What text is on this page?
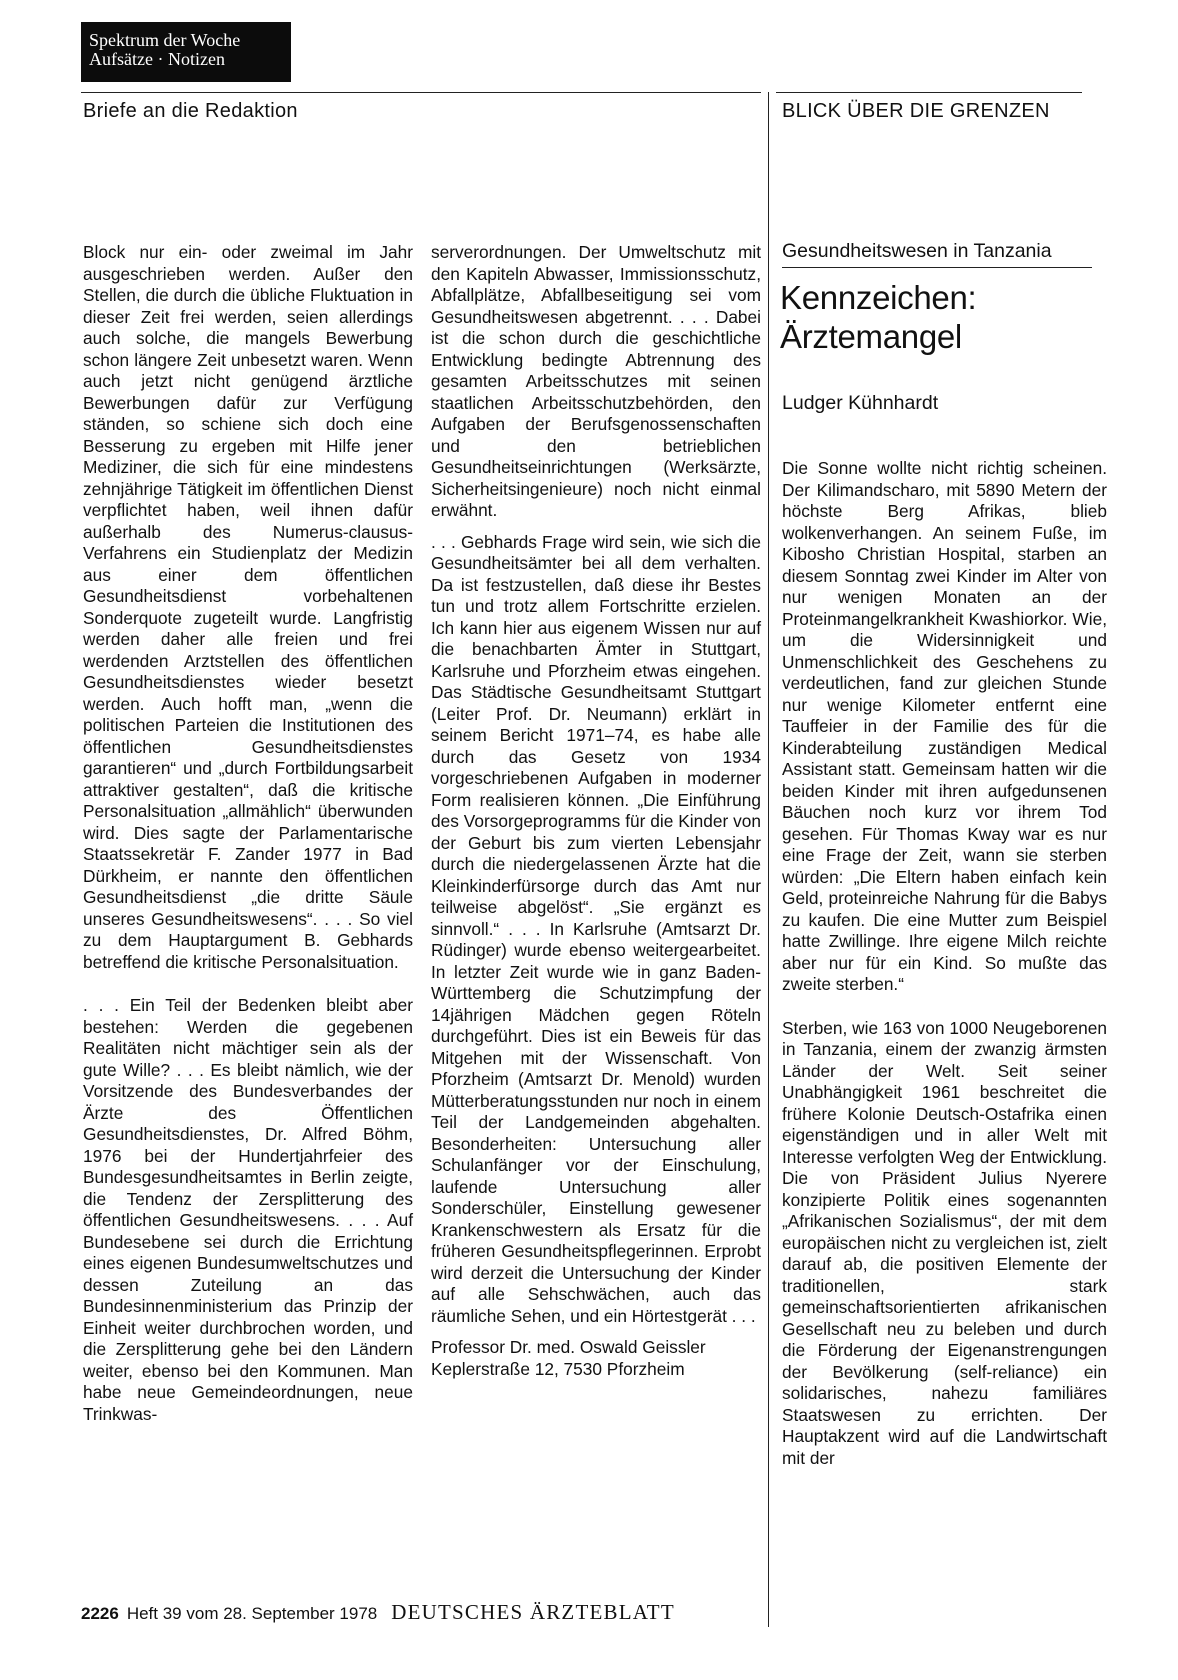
Spektrum der Woche
Aufsätze · Notizen
Briefe an die Redaktion	BLICK ÜBER DIE GRENZEN

Block nur ein- oder zweimal im Jahr ausgeschrieben werden. Außer den Stellen, die durch die übliche Fluktuation in dieser Zeit frei werden, seien allerdings auch solche, die mangels Bewerbung schon längere Zeit unbesetzt waren. Wenn auch jetzt nicht genügend ärztliche Bewerbungen dafür zur Verfügung ständen, so schiene sich doch eine Besserung zu ergeben mit Hilfe jener Mediziner, die sich für eine mindestens zehnjährige Tätigkeit im öffentlichen Dienst verpflichtet haben, weil ihnen dafür außerhalb des Numerus-clausus-Verfahrens ein Studienplatz der Medizin aus einer dem öffentlichen Gesundheitsdienst vorbehaltenen Sonderquote zugeteilt wurde. Langfristig werden daher alle freien und frei werdenden Arztstellen des öffentlichen Gesundheitsdienstes wieder besetzt werden. Auch hofft man, „wenn die politischen Parteien die Institutionen des öffentlichen Gesundheitsdienstes garantieren“ und „durch Fortbildungsarbeit attraktiver gestalten“, daß die kritische Personalsituation „allmählich“ überwunden wird. Dies sagte der Parlamentarische Staatssekretär F. Zander 1977 in Bad Dürkheim, er nannte den öffentlichen Gesundheitsdienst „die dritte Säule unseres Gesundheitswesens“. . . . So viel zu dem Hauptargument B. Gebhards betreffend die kritische Personalsituation.

. . . Ein Teil der Bedenken bleibt aber bestehen: Werden die gegebenen Realitäten nicht mächtiger sein als der gute Wille? . . . Es bleibt nämlich, wie der Vorsitzende des Bundesverbandes der Ärzte des Öffentlichen Gesundheitsdienstes, Dr. Alfred Böhm, 1976 bei der Hundertjahrfeier des Bundesgesundheitsamtes in Berlin zeigte, die Tendenz der Zersplitterung des öffentlichen Gesundheitswesens. . . . Auf Bundesebene sei durch die Errichtung eines eigenen Bundesumweltschutzes und dessen Zuteilung an das Bundesinnenministerium das Prinzip der Einheit weiter durchbrochen worden, und die Zersplitterung gehe bei den Ländern weiter, ebenso bei den Kommunen. Man habe neue Gemeindeordnungen, neue Trinkwas-

serverordnungen. Der Umweltschutz mit den Kapiteln Abwasser, Immissionsschutz, Abfallplätze, Abfallbeseitigung sei vom Gesundheitswesen abgetrennt. . . . Dabei ist die schon durch die geschichtliche Entwicklung bedingte Abtrennung des gesamten Arbeitsschutzes mit seinen staatlichen Arbeitsschutzbehörden, den Aufgaben der Berufsgenossenschaften und den betrieblichen Gesundheitseinrichtungen (Werksärzte, Sicherheitsingenieure) noch nicht einmal erwähnt.

. . . Gebhards Frage wird sein, wie sich die Gesundheitsämter bei all dem verhalten. Da ist festzustellen, daß diese ihr Bestes tun und trotz allem Fortschritte erzielen. Ich kann hier aus eigenem Wissen nur auf die benachbarten Ämter in Stuttgart, Karlsruhe und Pforzheim etwas eingehen. Das Städtische Gesundheitsamt Stuttgart (Leiter Prof. Dr. Neumann) erklärt in seinem Bericht 1971–74, es habe alle durch das Gesetz von 1934 vorgeschriebenen Aufgaben in moderner Form realisieren können. „Die Einführung des Vorsorgeprogramms für die Kinder von der Geburt bis zum vierten Lebensjahr durch die niedergelassenen Ärzte hat die Kleinkinderfürsorge durch das Amt nur teilweise abgelöst“. „Sie ergänzt es sinnvoll.“ . . . In Karlsruhe (Amtsarzt Dr. Rüdinger) wurde ebenso weitergearbeitet. In letzter Zeit wurde wie in ganz Baden-Württemberg die Schutzimpfung der 14jährigen Mädchen gegen Röteln durchgeführt. Dies ist ein Beweis für das Mitgehen mit der Wissenschaft. Von Pforzheim (Amtsarzt Dr. Menold) wurden Mütterberatungsstunden nur noch in einem Teil der Landgemeinden abgehalten. Besonderheiten: Untersuchung aller Schulanfänger vor der Einschulung, laufende Untersuchung aller Sonderschüler, Einstellung gewesener Krankenschwestern als Ersatz für die früheren Gesundheitspflegerinnen. Erprobt wird derzeit die Untersuchung der Kinder auf alle Sehschwächen, auch das räumliche Sehen, und ein Hörtestgerät . . .

Professor Dr. med. Oswald Geissler
Keplerstraße 12, 7530 Pforzheim

Gesundheitswesen in Tanzania
Kennzeichen:
Ärztemangel
Ludger Kühnhardt

Die Sonne wollte nicht richtig scheinen. Der Kilimandscharo, mit 5890 Metern der höchste Berg Afrikas, blieb wolkenverhangen. An seinem Fuße, im Kibosho Christian Hospital, starben an diesem Sonntag zwei Kinder im Alter von nur wenigen Monaten an der Proteinmangelkrankheit Kwashiorkor. Wie, um die Widersinnigkeit und Unmenschlichkeit des Geschehens zu verdeutlichen, fand zur gleichen Stunde nur wenige Kilometer entfernt eine Tauffeier in der Familie des für die Kinderabteilung zuständigen Medical Assistant statt. Gemeinsam hatten wir die beiden Kinder mit ihren aufgedunsenen Bäuchen noch kurz vor ihrem Tod gesehen. Für Thomas Kway war es nur eine Frage der Zeit, wann sie sterben würden: „Die Eltern haben einfach kein Geld, proteinreiche Nahrung für die Babys zu kaufen. Die eine Mutter zum Beispiel hatte Zwillinge. Ihre eigene Milch reichte aber nur für ein Kind. So mußte das zweite sterben.“

Sterben, wie 163 von 1000 Neugeborenen in Tanzania, einem der zwanzig ärmsten Länder der Welt. Seit seiner Unabhängigkeit 1961 beschreitet die frühere Kolonie Deutsch-Ostafrika einen eigenständigen und in aller Welt mit Interesse verfolgten Weg der Entwicklung. Die von Präsident Julius Nyerere konzipierte Politik eines sogenannten „Afrikanischen Sozialismus“, der mit dem europäischen nicht zu vergleichen ist, zielt darauf ab, die positiven Elemente der traditionellen, stark gemeinschaftsorientierten afrikanischen Gesellschaft neu zu beleben und durch die Förderung der Eigenanstrengungen der Bevölkerung (self-reliance) ein solidarisches, nahezu familiäres Staatswesen zu errichten. Der Hauptakzent wird auf die Landwirtschaft mit der

2226 Heft 39 vom 28. September 1978 DEUTSCHES ÄRZTEBLATT
